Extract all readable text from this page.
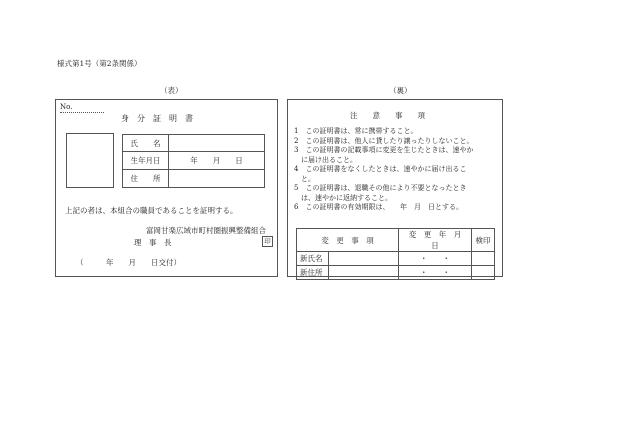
様式第1号（第2条関係）
（表）	（裏）
No.
身　分　証　明　書
氏　　名	
生年月日	年　　月　　日
住　　所	
上記の者は、本組合の職員であることを証明する。
富岡甘楽広域市町村圏振興整備組合
理　事　長	印
（　　　年　　月　　日交付）
注　　意　　事　　項
1　この証明書は、常に携帯すること。
2　この証明書は、他人に貸したり譲ったりしないこと。
3　この証明書の記載事項に変更を生じたときは、速やか
に届け出ること。
4　この証明書をなくしたときは、速やかに届け出るこ
と。
5　この証明書は、退職その他により不要となったとき
は、速やかに返納すること。
6　この証明書の有効期限は、　　年　月　日とする。
変　更　事　項	変　更　年　月　日	検印

新氏名	・　　・	

新住所	・　　・	
